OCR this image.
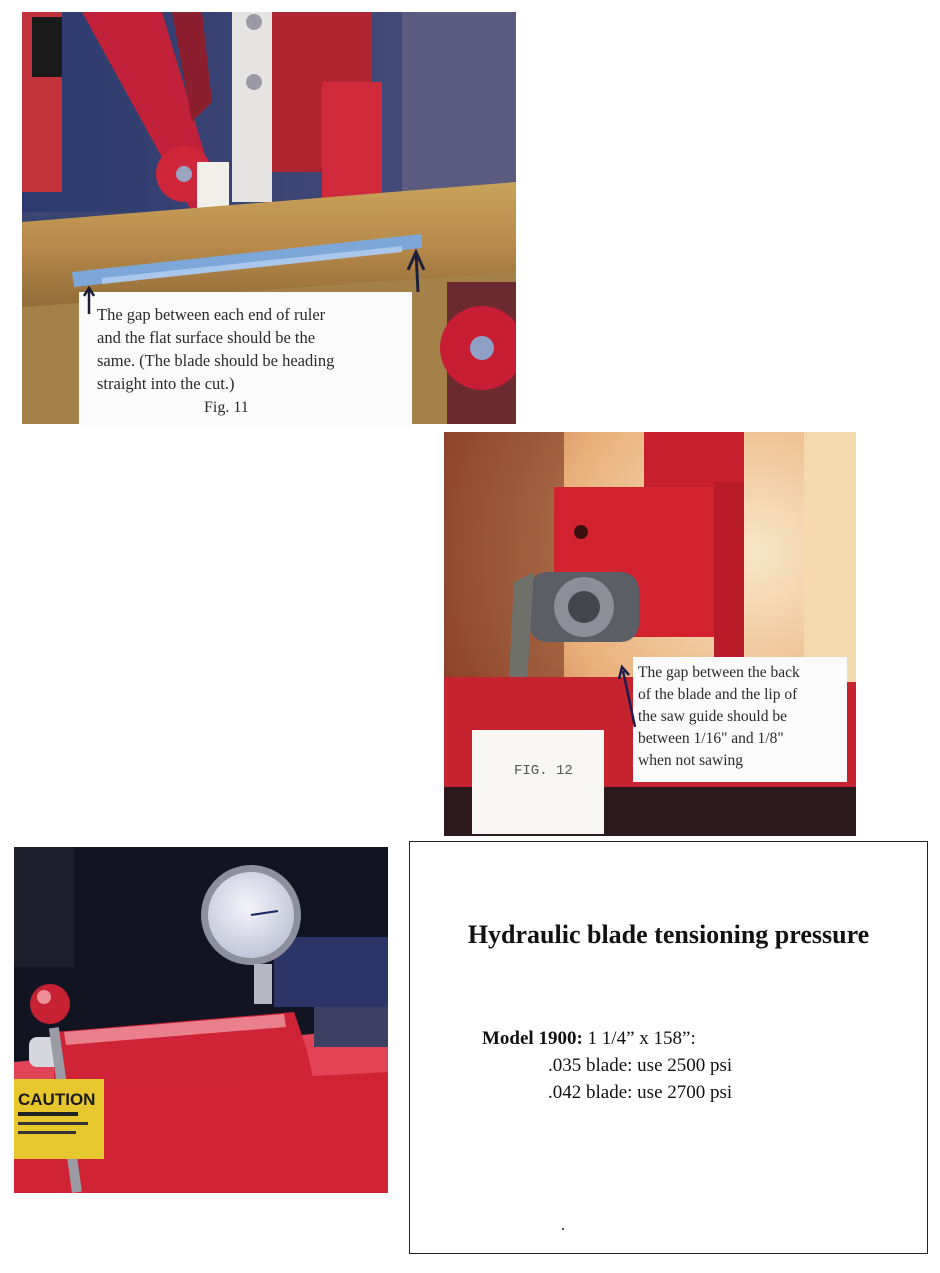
The gap between each end of ruler
and the flat surface should be the
same. (The blade should be heading
straight into the cut.)
Fig. 11
The gap between the back
of the blade and the lip of
the saw guide should be
between 1/16" and 1/8"
when not sawing
FIG. 12
CAUTION
Hydraulic blade tensioning pressure
Model 1900: 1 1/4” x 158”:
.035 blade: use 2500 psi
.042 blade: use 2700 psi
